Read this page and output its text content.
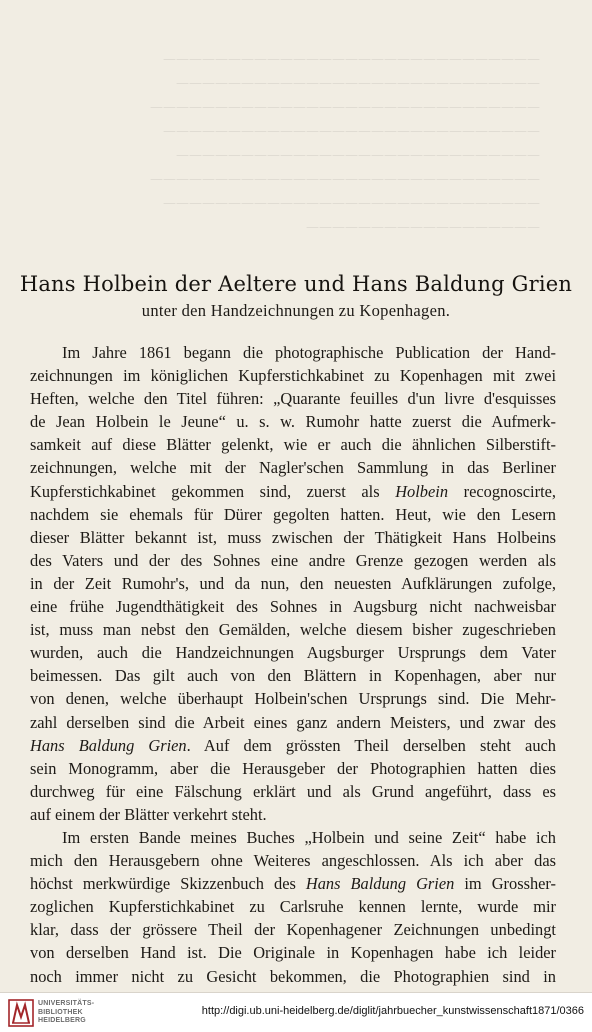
—————————————————————————————
————————————————————————————
——————————————————————————————
—————————————————————————————
————————————————————————————
——————————————————————————————
—————————————————————————————
——————————————————
Hans Holbein der Aeltere und Hans Baldung Grien
unter den Handzeichnungen zu Kopenhagen.
Im Jahre 1861 begann die photographische Publication der Hand-
zeichnungen im königlichen Kupferstichkabinet zu Kopenhagen mit zwei
Heften, welche den Titel führen: „Quarante feuilles d'un livre d'esquisses
de Jean Holbein le Jeune“ u. s. w. Rumohr hatte zuerst die Aufmerk-
samkeit auf diese Blätter gelenkt, wie er auch die ähnlichen Silberstift-
zeichnungen, welche mit der Nagler'schen Sammlung in das Berliner
Kupferstichkabinet gekommen sind, zuerst als Holbein recognoscirte,
nachdem sie ehemals für Dürer gegolten hatten. Heut, wie den Lesern
dieser Blätter bekannt ist, muss zwischen der Thätigkeit Hans Holbeins
des Vaters und der des Sohnes eine andre Grenze gezogen werden als
in der Zeit Rumohr's, und da nun, den neuesten Aufklärungen zufolge,
eine frühe Jugendthätigkeit des Sohnes in Augsburg nicht nachweisbar
ist, muss man nebst den Gemälden, welche diesem bisher zugeschrieben
wurden, auch die Handzeichnungen Augsburger Ursprungs dem Vater
beimessen. Das gilt auch von den Blättern in Kopenhagen, aber nur
von denen, welche überhaupt Holbein'schen Ursprungs sind. Die Mehr-
zahl derselben sind die Arbeit eines ganz andern Meisters, und zwar des
Hans Baldung Grien. Auf dem grössten Theil derselben steht auch
sein Monogramm, aber die Herausgeber der Photographien hatten dies
durchweg für eine Fälschung erklärt und als Grund angeführt, dass es
auf einem der Blätter verkehrt steht.
Im ersten Bande meines Buches „Holbein und seine Zeit“ habe ich
mich den Herausgebern ohne Weiteres angeschlossen. Als ich aber das
höchst merkwürdige Skizzenbuch des Hans Baldung Grien im Grossher-
zoglichen Kupferstichkabinet zu Carlsruhe kennen lernte, wurde mir
klar, dass der grössere Theil der Kopenhagener Zeichnungen unbedingt
von derselben Hand ist. Die Originale in Kopenhagen habe ich leider
noch immer nicht zu Gesicht bekommen, die Photographien sind in
UNIVERSITÄTS-
BIBLIOTHEK
HEIDELBERG
http://digi.ub.uni-heidelberg.de/diglit/jahrbuecher_kunstwissenschaft1871/0366
